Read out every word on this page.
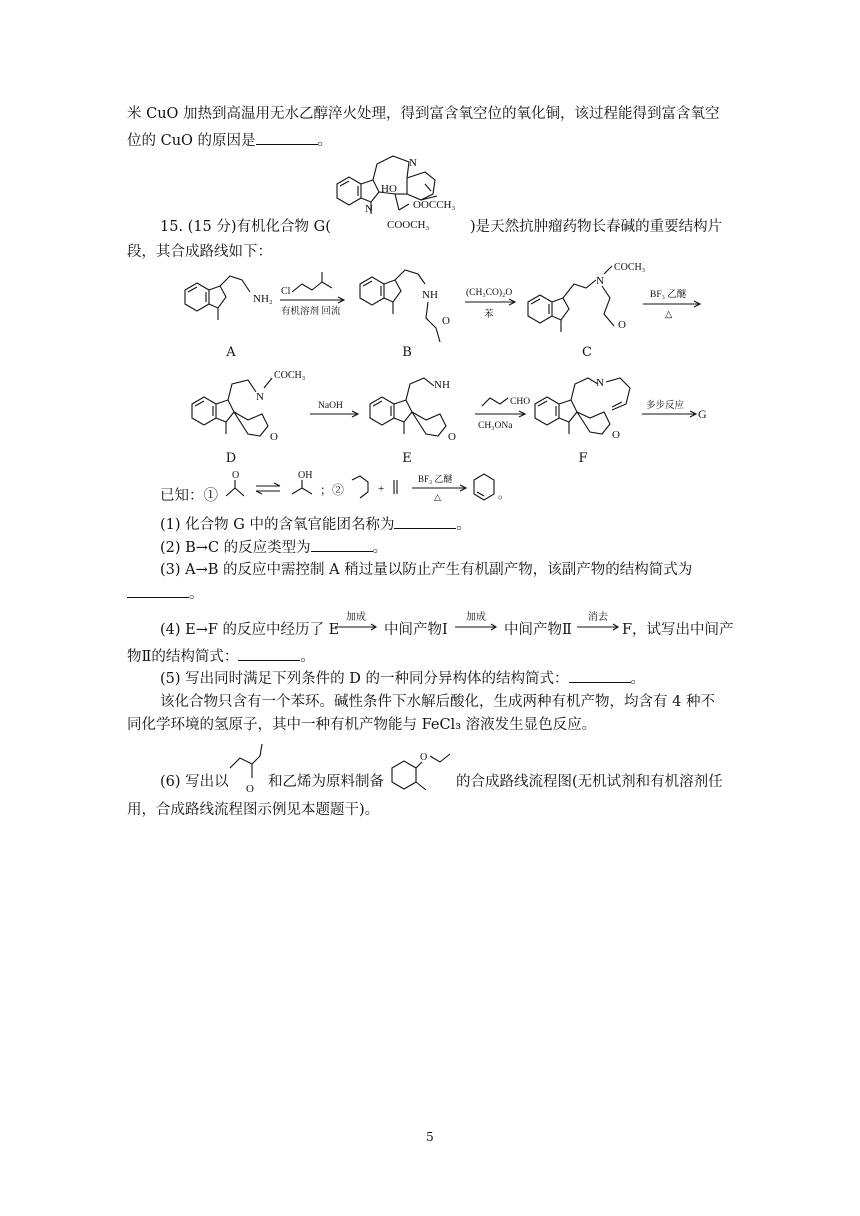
米 CuO 加热到高温用无水乙醇淬火处理，得到富含氧空位的氧化铜，该过程能得到富含氧空
位的 CuO 的原因是	。
15. (15 分)有机化合物 G(	)是天然抗肿瘤药物长春碱的重要结构片
段，其合成路线如下：
N
HO
N	OOCCH₃
COOCH₃
NH₂
Cl
有机溶剂 回流
NH
O
(CH₃CO)₂O
苯
N
COCH₃
O
BF₃ 乙醚
△
A	B	C
N
COCH₃
O
NaOH
NH
O
CHO
CH₃ONa
N
O
多步反应
G
D	E	F
已知：①
O	OH
；②	+
BF₃ 乙醚
△	。
(1) 化合物 G 中的含氧官能团名称为	。
(2) B→C 的反应类型为	。
(3) A→B 的反应中需控制 A 稍过量以防止产生有机副产物，该副产物的结构简式为
。
(4) E→F 的反应中经历了 E
加成
中间产物Ⅰ
加成
中间产物Ⅱ
消去
F，试写出中间产
物Ⅱ的结构简式：	。
(5) 写出同时满足下列条件的 D 的一种同分异构体的结构简式：	。
该化合物只含有一个苯环。碱性条件下水解后酸化，生成两种有机产物，均含有 4 种不
同化学环境的氢原子，其中一种有机产物能与 FeCl₃ 溶液发生显色反应。
(6) 写出以 O 和乙烯为原料制备
O
的合成路线流程图(无机试剂和有机溶剂任
用，合成路线流程图示例见本题题干)。
5
